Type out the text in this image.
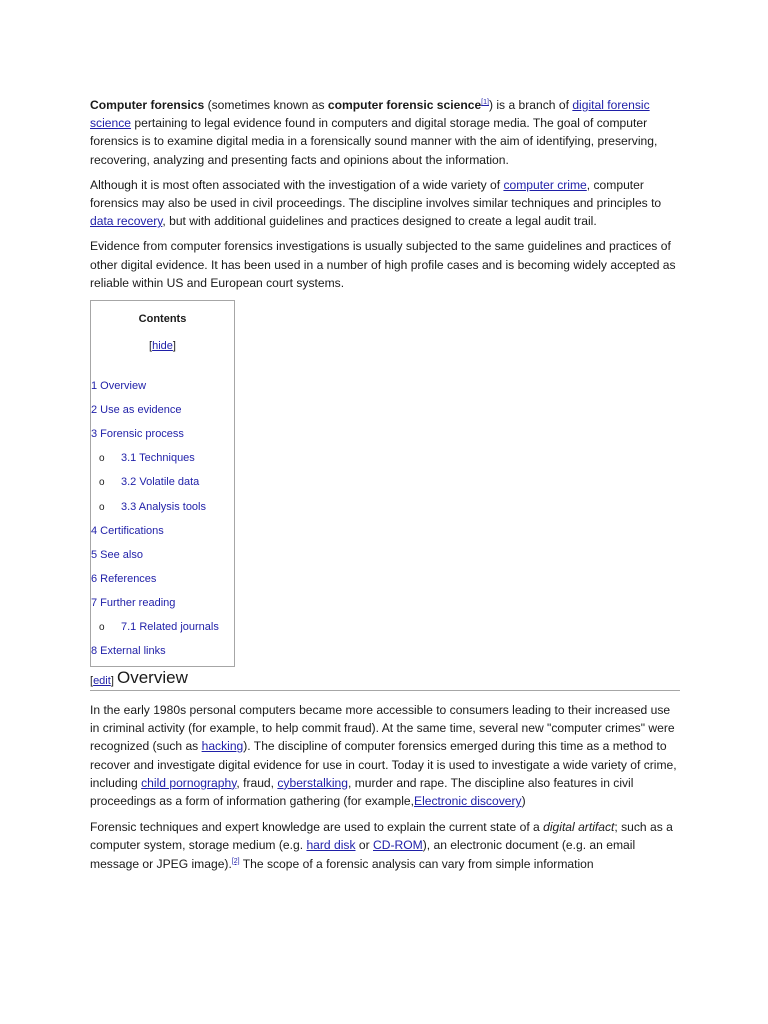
Computer forensics (sometimes known as computer forensic science[1]) is a branch of digital forensic science pertaining to legal evidence found in computers and digital storage media. The goal of computer forensics is to examine digital media in a forensically sound manner with the aim of identifying, preserving, recovering, analyzing and presenting facts and opinions about the information.

Although it is most often associated with the investigation of a wide variety of computer crime, computer forensics may also be used in civil proceedings. The discipline involves similar techniques and principles to data recovery, but with additional guidelines and practices designed to create a legal audit trail.

Evidence from computer forensics investigations is usually subjected to the same guidelines and practices of other digital evidence. It has been used in a number of high profile cases and is becoming widely accepted as reliable within US and European court systems.

Contents
[hide]
1 Overview
2 Use as evidence
3 Forensic process
o 3.1 Techniques
o 3.2 Volatile data
o 3.3 Analysis tools
4 Certifications
5 See also
6 References
7 Further reading
o 7.1 Related journals
8 External links
[edit] Overview

In the early 1980s personal computers became more accessible to consumers leading to their increased use in criminal activity (for example, to help commit fraud). At the same time, several new "computer crimes" were recognized (such as hacking). The discipline of computer forensics emerged during this time as a method to recover and investigate digital evidence for use in court. Today it is used to investigate a wide variety of crime, including child pornography, fraud, cyberstalking, murder and rape. The discipline also features in civil proceedings as a form of information gathering (for example,Electronic discovery)

Forensic techniques and expert knowledge are used to explain the current state of a digital artifact; such as a computer system, storage medium (e.g. hard disk or CD-ROM), an electronic document (e.g. an email message or JPEG image).[2] The scope of a forensic analysis can vary from simple information
